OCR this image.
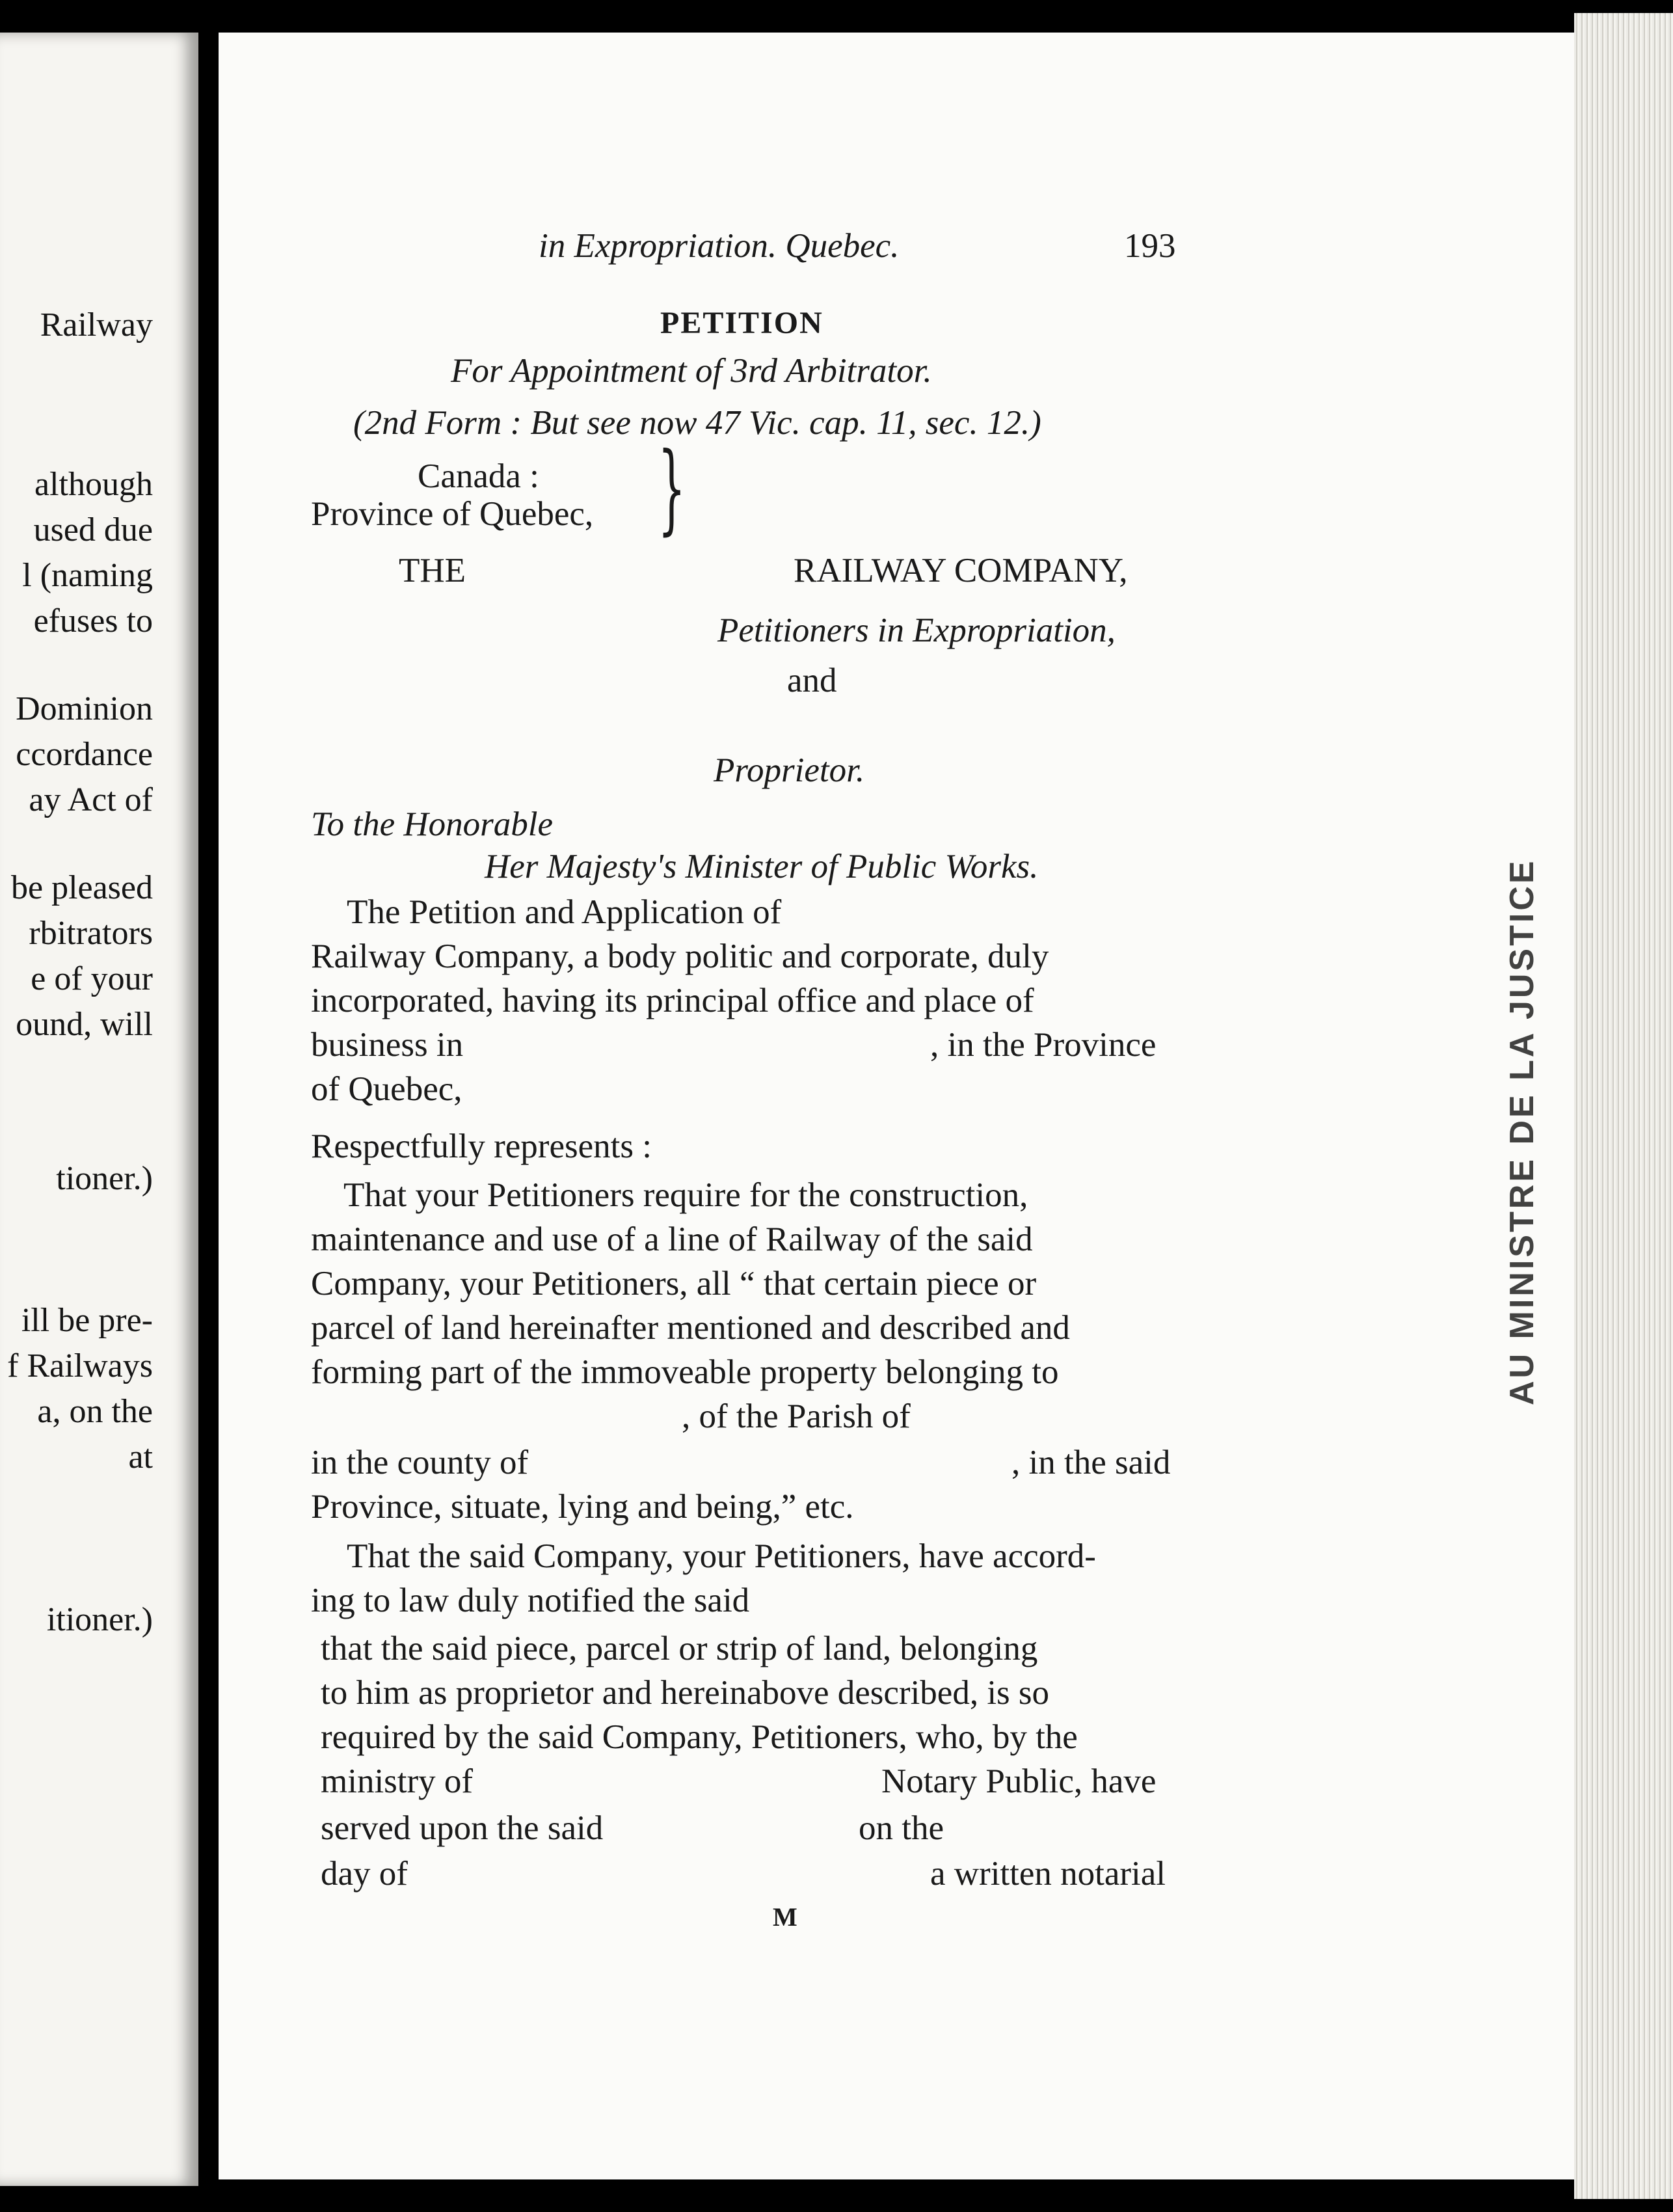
Railway
although
used due
l (naming
efuses to
Dominion
ccordance
ay Act of
be pleased
rbitrators
e of your
ound, will
tioner.)
ill be pre-
f Railways
a, on the
at
itioner.)
AU MINISTRE DE LA JUSTICE
in Expropriation. Quebec.	193
PETITION
For Appointment of 3rd Arbitrator.
(2nd Form : But see now 47 Vic. cap. 11, sec. 12.)
Canada :
Province of Quebec, }
THE	RAILWAY COMPANY,
Petitioners in Expropriation,
and
Proprietor.
To the Honorable
Her Majesty's Minister of Public Works.
The Petition and Application of
Railway Company, a body politic and corporate, duly
incorporated, having its principal office and place of
business in	, in the Province
of Quebec,
Respectfully represents :
That your Petitioners require for the construction,
maintenance and use of a line of Railway of the said
Company, your Petitioners, all “ that certain piece or
parcel of land hereinafter mentioned and described and
forming part of the immoveable property belonging to
, of the Parish of
in the county of	, in the said
Province, situate, lying and being,” etc.
That the said Company, your Petitioners, have accord-
ing to law duly notified the said
that the said piece, parcel or strip of land, belonging
to him as proprietor and hereinabove described, is so
required by the said Company, Petitioners, who, by the
ministry of	Notary Public, have
served upon the said	on the
day of	a written notarial
M
